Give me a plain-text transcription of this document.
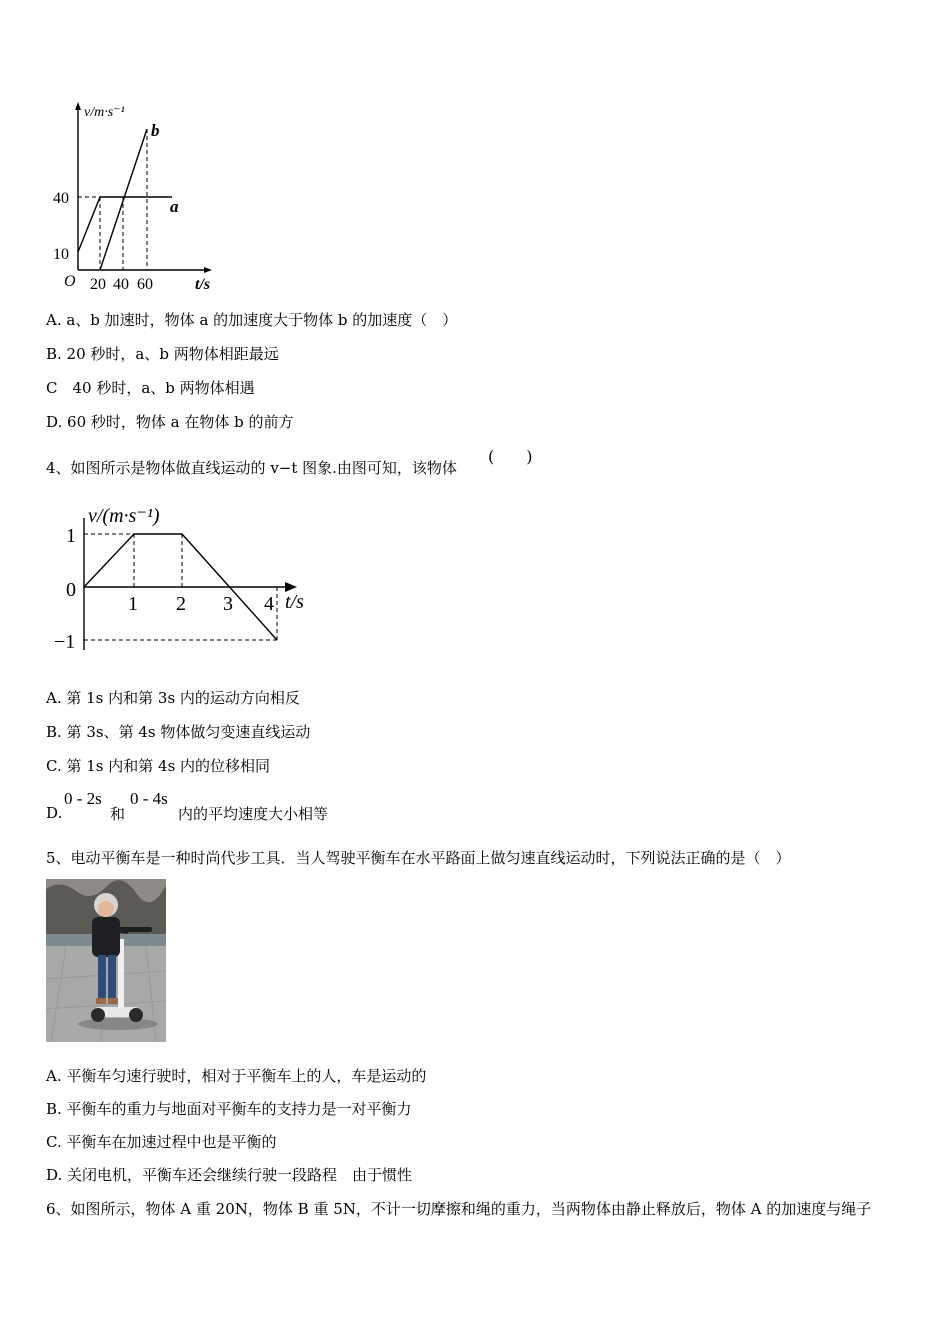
v/m·s⁻¹
40
10
O 20 40 60	t/s
a
b
A. a、b 加速时，物体 a 的加速度大于物体 b 的加速度（　）
B. 20 秒时，a、b 两物体相距最远
C　40 秒时，a、b 两物体相遇
D. 60 秒时，物体 a 在物体 b 的前方
4、如图所示是物体做直线运动的 v−t 图象.由图可知，该物体
(　　)
v/(m·s⁻¹)
1
0
−1
1 2 3 4 t/s
A. 第 1s 内和第 3s 内的运动方向相反
B. 第 3s、第 4s 物体做匀变速直线运动
C. 第 1s 内和第 4s 内的位移相同
D.
0 - 2s
和
0 - 4s
内的平均速度大小相等
5、电动平衡车是一种时尚代步工具．当人驾驶平衡车在水平路面上做匀速直线运动时，下列说法正确的是（　）
A. 平衡车匀速行驶时，相对于平衡车上的人，车是运动的
B. 平衡车的重力与地面对平衡车的支持力是一对平衡力
C. 平衡车在加速过程中也是平衡的
D. 关闭电机，平衡车还会继续行驶一段路程　由于惯性
6、如图所示，物体 A 重 20N，物体 B 重 5N，不计一切摩擦和绳的重力，当两物体由静止释放后，物体 A 的加速度与绳子
